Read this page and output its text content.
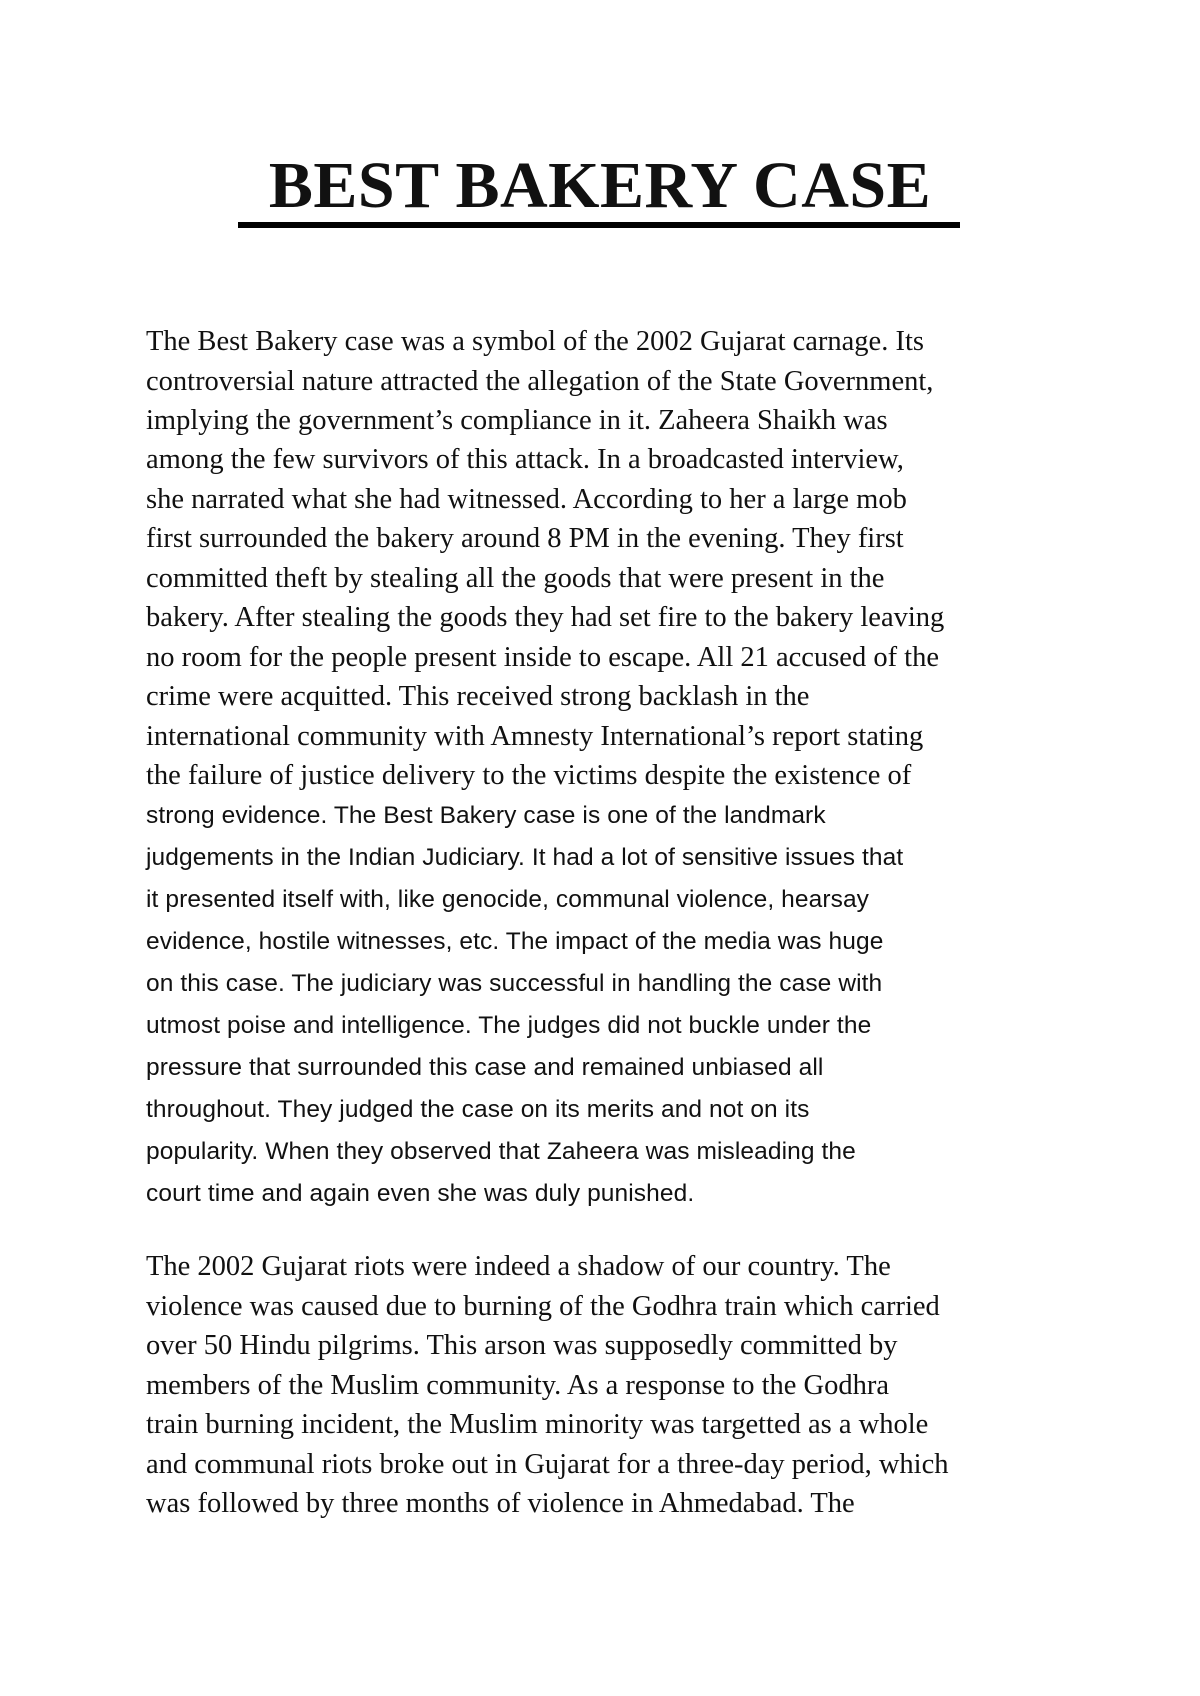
BEST BAKERY CASE

The Best Bakery case was a symbol of the 2002 Gujarat carnage. Its

controversial nature attracted the allegation of the State Government,

implying the government’s compliance in it. Zaheera Shaikh was

among the few survivors of this attack. In a broadcasted interview,

she narrated what she had witnessed. According to her a large mob

first surrounded the bakery around 8 PM in the evening. They first

committed theft by stealing all the goods that were present in the

bakery. After stealing the goods they had set fire to the bakery leaving

no room for the people present inside to escape. All 21 accused of the

crime were acquitted. This received strong backlash in the

international community with Amnesty International’s report stating

the failure of justice delivery to the victims despite the existence of

strong evidence. The Best Bakery case is one of the landmark

judgements in the Indian Judiciary. It had a lot of sensitive issues that

it presented itself with, like genocide, communal violence, hearsay

evidence, hostile witnesses, etc. The impact of the media was huge

on this case. The judiciary was successful in handling the case with

utmost poise and intelligence. The judges did not buckle under the

pressure that surrounded this case and remained unbiased all

throughout. They judged the case on its merits and not on its

popularity. When they observed that Zaheera was misleading the

court time and again even she was duly punished.

The 2002 Gujarat riots were indeed a shadow of our country. The

violence was caused due to burning of the Godhra train which carried

over 50 Hindu pilgrims. This arson was supposedly committed by

members of the Muslim community. As a response to the Godhra

train burning incident, the Muslim minority was targetted as a whole

and communal riots broke out in Gujarat for a three-day period, which

was followed by three months of violence in Ahmedabad. The
